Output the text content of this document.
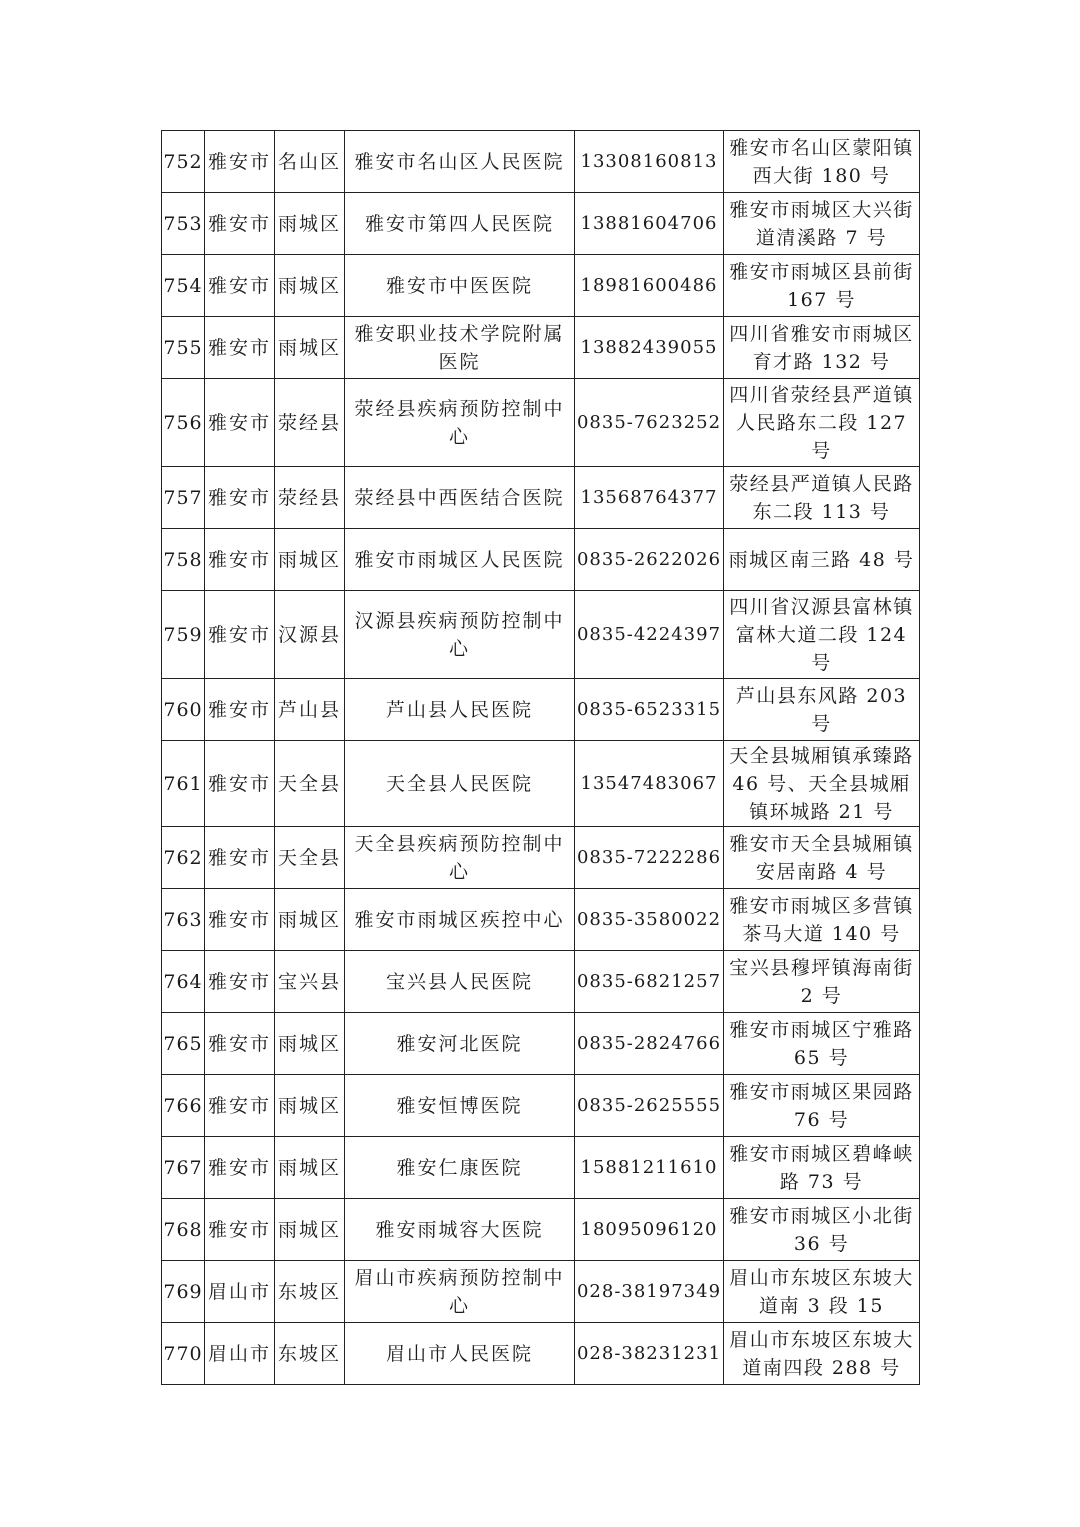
752	雅安市	名山区	雅安市名山区人民医院	13308160813	雅安市名山区蒙阳镇西大街 180 号
753	雅安市	雨城区	雅安市第四人民医院	13881604706	雅安市雨城区大兴街道清溪路 7 号
754	雅安市	雨城区	雅安市中医医院	18981600486	雅安市雨城区县前街 167 号
755	雅安市	雨城区	雅安职业技术学院附属医院	13882439055	四川省雅安市雨城区育才路 132 号
756	雅安市	荥经县	荥经县疾病预防控制中心	0835-7623252	四川省荥经县严道镇人民路东二段 127 号
757	雅安市	荥经县	荥经县中西医结合医院	13568764377	荥经县严道镇人民路东二段 113 号
758	雅安市	雨城区	雅安市雨城区人民医院	0835-2622026	雨城区南三路 48 号
759	雅安市	汉源县	汉源县疾病预防控制中心	0835-4224397	四川省汉源县富林镇富林大道二段 124 号
760	雅安市	芦山县	芦山县人民医院	0835-6523315	芦山县东风路 203 号
761	雅安市	天全县	天全县人民医院	13547483067	天全县城厢镇承臻路 46 号、天全县城厢镇环城路 21 号
762	雅安市	天全县	天全县疾病预防控制中心	0835-7222286	雅安市天全县城厢镇安居南路 4 号
763	雅安市	雨城区	雅安市雨城区疾控中心	0835-3580022	雅安市雨城区多营镇茶马大道 140 号
764	雅安市	宝兴县	宝兴县人民医院	0835-6821257	宝兴县穆坪镇海南街 2 号
765	雅安市	雨城区	雅安河北医院	0835-2824766	雅安市雨城区宁雅路 65 号
766	雅安市	雨城区	雅安恒博医院	0835-2625555	雅安市雨城区果园路 76 号
767	雅安市	雨城区	雅安仁康医院	15881211610	雅安市雨城区碧峰峡路 73 号
768	雅安市	雨城区	雅安雨城容大医院	18095096120	雅安市雨城区小北街 36 号
769	眉山市	东坡区	眉山市疾病预防控制中心	028-38197349	眉山市东坡区东坡大道南 3 段 15
770	眉山市	东坡区	眉山市人民医院	028-38231231	眉山市东坡区东坡大道南四段 288 号
